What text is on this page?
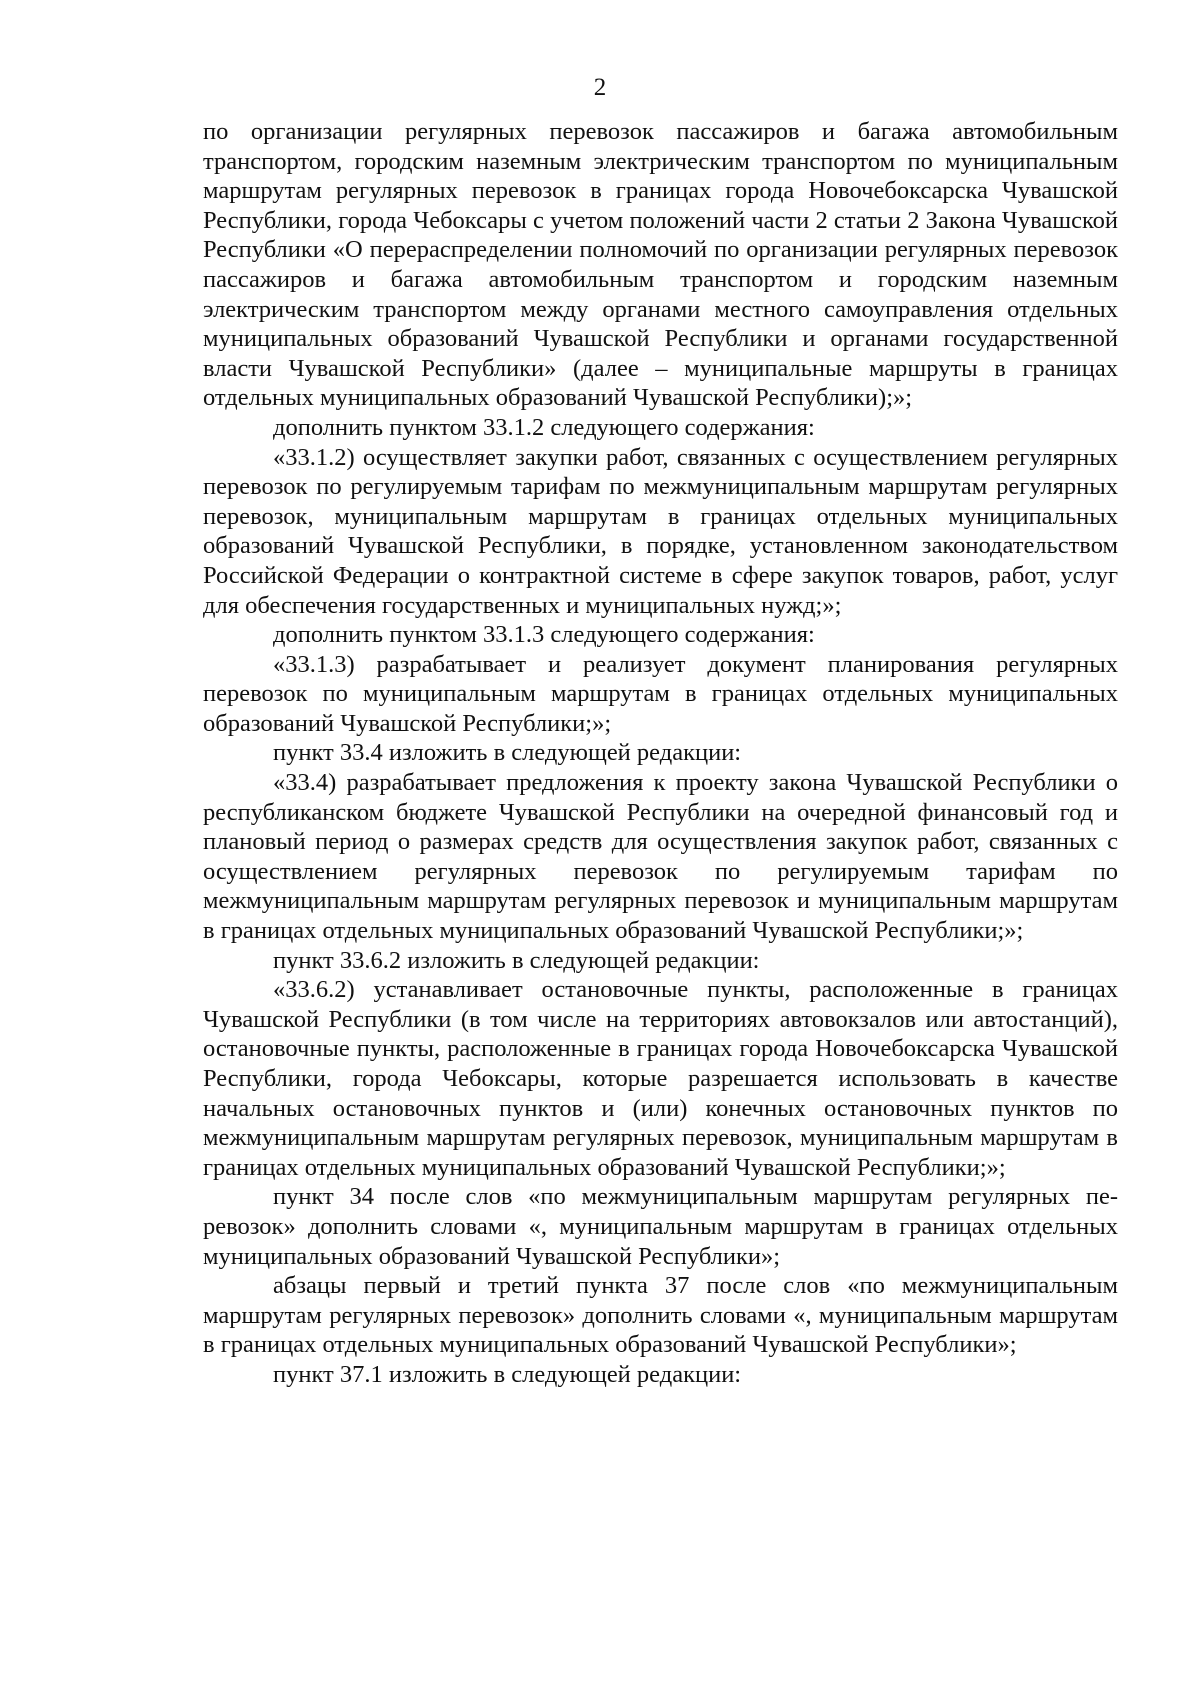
2

по организации регулярных перевозок пассажиров и багажа автомобильным транспортом, городским наземным электрическим транспортом по муниципальным маршрутам регулярных перевозок в границах города Новочебоксарска Чувашской Республики, города Чебоксары с учетом положений части 2 статьи 2 Закона Чувашской Республики «О перераспределении полномочий по организации регулярных перевозок пассажиров и багажа автомобильным транспортом и городским наземным электрическим транспортом между органами местного самоуправления отдельных муниципальных образований Чувашской Республики и органами государственной власти Чувашской Республики» (далее – муниципальные маршруты в границах отдельных муниципальных образований Чувашской Республики);»;

дополнить пунктом 33.1.2 следующего содержания:

«33.1.2) осуществляет закупки работ, связанных с осуществлением регулярных перевозок по регулируемым тарифам по межмуниципальным маршрутам регулярных перевозок, муниципальным маршрутам в границах отдельных муниципальных образований Чувашской Республики, в порядке, установленном законодательством Российской Федерации о контрактной системе в сфере закупок товаров, работ, услуг для обеспечения государственных и муниципальных нужд;»;

дополнить пунктом 33.1.3 следующего содержания:

«33.1.3) разрабатывает и реализует документ планирования регулярных перевозок по муниципальным маршрутам в границах отдельных муниципальных образований Чувашской Республики;»;

пункт 33.4 изложить в следующей редакции:

«33.4) разрабатывает предложения к проекту закона Чувашской Республики о республиканском бюджете Чувашской Республики на очередной финансовый год и плановый период о размерах средств для осуществления закупок работ, связанных с осуществлением регулярных перевозок по регулируемым тарифам по межмуниципальным маршрутам регулярных перевозок и муниципальным маршрутам в границах отдельных муниципальных образований Чувашской Республики;»;

пункт 33.6.2 изложить в следующей редакции:

«33.6.2) устанавливает остановочные пункты, расположенные в границах Чувашской Республики (в том числе на территориях автовокзалов или автостанций), остановочные пункты, расположенные в границах города Новочебоксарска Чувашской Республики, города Чебоксары, которые разрешается использовать в качестве начальных остановочных пунктов и (или) конечных остановочных пунктов по межмуниципальным маршрутам регулярных перевозок, муниципальным маршрутам в границах отдельных муниципальных образований Чувашской Республики;»;

пункт 34 после слов «по межмуниципальным маршрутам регулярных перевозок» дополнить словами «, муниципальным маршрутам в границах отдельных муниципальных образований Чувашской Республики»;

абзацы первый и третий пункта 37 после слов «по межмуниципальным маршрутам регулярных перевозок» дополнить словами «, муниципальным маршрутам в границах отдельных муниципальных образований Чувашской Республики»;

пункт 37.1 изложить в следующей редакции:
